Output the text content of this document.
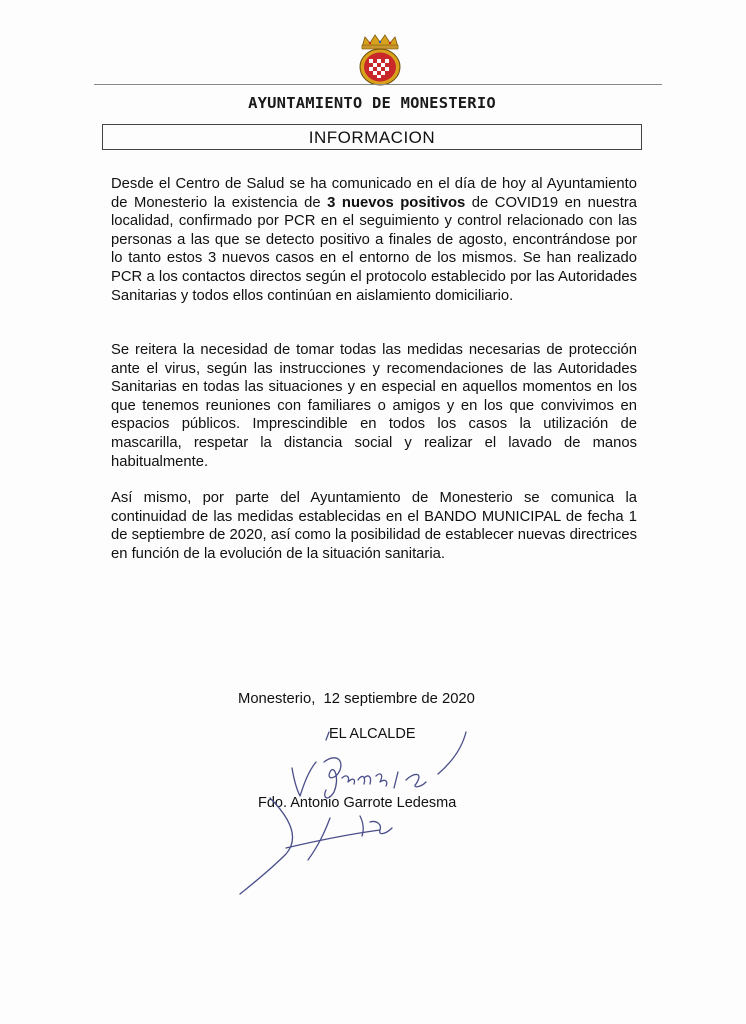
AYUNTAMIENTO DE MONESTERIO
INFORMACION

Desde el Centro de Salud se ha comunicado en el día de hoy al Ayuntamiento de Monesterio la existencia de 3 nuevos positivos de COVID19 en nuestra localidad, confirmado por PCR en el seguimiento y control relacionado con las personas a las que se detecto positivo a finales de agosto, encontrándose por lo tanto estos 3 nuevos casos en el entorno de los mismos. Se han realizado PCR a los contactos directos según el protocolo establecido por las Autoridades Sanitarias y todos ellos continúan en aislamiento domiciliario.

Se reitera la necesidad de tomar todas las medidas necesarias de protección ante el virus, según las instrucciones y recomendaciones de las Autoridades Sanitarias en todas las situaciones y en especial en aquellos momentos en los que tenemos reuniones con familiares o amigos y en los que convivimos en espacios públicos. Imprescindible en todos los casos la utilización de mascarilla, respetar la distancia social y realizar el lavado de manos habitualmente.

Así mismo, por parte del Ayuntamiento de Monesterio se comunica la continuidad de las medidas establecidas en el BANDO MUNICIPAL de fecha 1 de septiembre de 2020, así como la posibilidad de establecer nuevas directrices en función de la evolución de la situación sanitaria.

Monesterio,  12 septiembre de 2020
EL ALCALDE
Fdo. Antonio Garrote Ledesma
